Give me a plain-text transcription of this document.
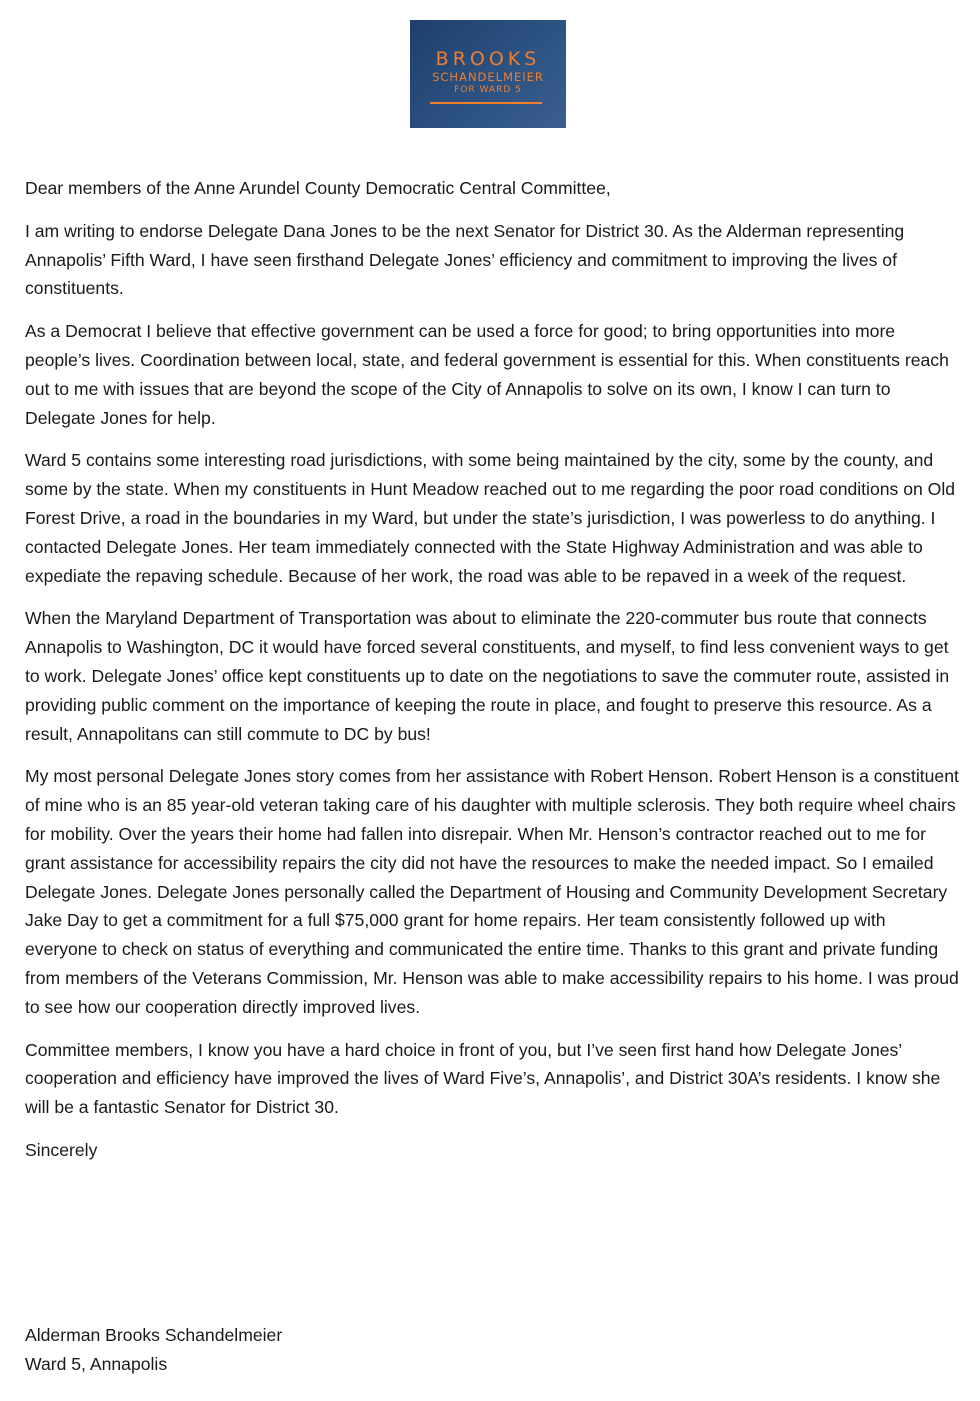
BROOKS
SCHANDELMEIER
FOR WARD 5

Dear members of the Anne Arundel County Democratic Central Committee,

I am writing to endorse Delegate Dana Jones to be the next Senator for District 30. As the Alderman representing Annapolis’ Fifth Ward, I have seen firsthand Delegate Jones’ efficiency and commitment to improving the lives of constituents.

As a Democrat I believe that effective government can be used a force for good; to bring opportunities into more people’s lives. Coordination between local, state, and federal government is essential for this. When constituents reach out to me with issues that are beyond the scope of the City of Annapolis to solve on its own, I know I can turn to Delegate Jones for help.

Ward 5 contains some interesting road jurisdictions, with some being maintained by the city, some by the county, and some by the state. When my constituents in Hunt Meadow reached out to me regarding the poor road conditions on Old Forest Drive, a road in the boundaries in my Ward, but under the state’s jurisdiction, I was powerless to do anything. I contacted Delegate Jones. Her team immediately connected with the State Highway Administration and was able to expediate the repaving schedule. Because of her work, the road was able to be repaved in a week of the request.

When the Maryland Department of Transportation was about to eliminate the 220-commuter bus route that connects Annapolis to Washington, DC it would have forced several constituents, and myself, to find less convenient ways to get to work. Delegate Jones’ office kept constituents up to date on the negotiations to save the commuter route, assisted in providing public comment on the importance of keeping the route in place, and fought to preserve this resource. As a result, Annapolitans can still commute to DC by bus!

My most personal Delegate Jones story comes from her assistance with Robert Henson. Robert Henson is a constituent of mine who is an 85 year-old veteran taking care of his daughter with multiple sclerosis. They both require wheel chairs for mobility. Over the years their home had fallen into disrepair. When Mr. Henson’s contractor reached out to me for grant assistance for accessibility repairs the city did not have the resources to make the needed impact. So I emailed Delegate Jones. Delegate Jones personally called the Department of Housing and Community Development Secretary Jake Day to get a commitment for a full $75,000 grant for home repairs. Her team consistently followed up with everyone to check on status of everything and communicated the entire time. Thanks to this grant and private funding from members of the Veterans Commission, Mr. Henson was able to make accessibility repairs to his home. I was proud to see how our cooperation directly improved lives.

Committee members, I know you have a hard choice in front of you, but I’ve seen first hand how Delegate Jones’ cooperation and efficiency have improved the lives of Ward Five’s, Annapolis’, and District 30A’s residents. I know she will be a fantastic Senator for District 30.

Sincerely

Alderman Brooks Schandelmeier
Ward 5, Annapolis
